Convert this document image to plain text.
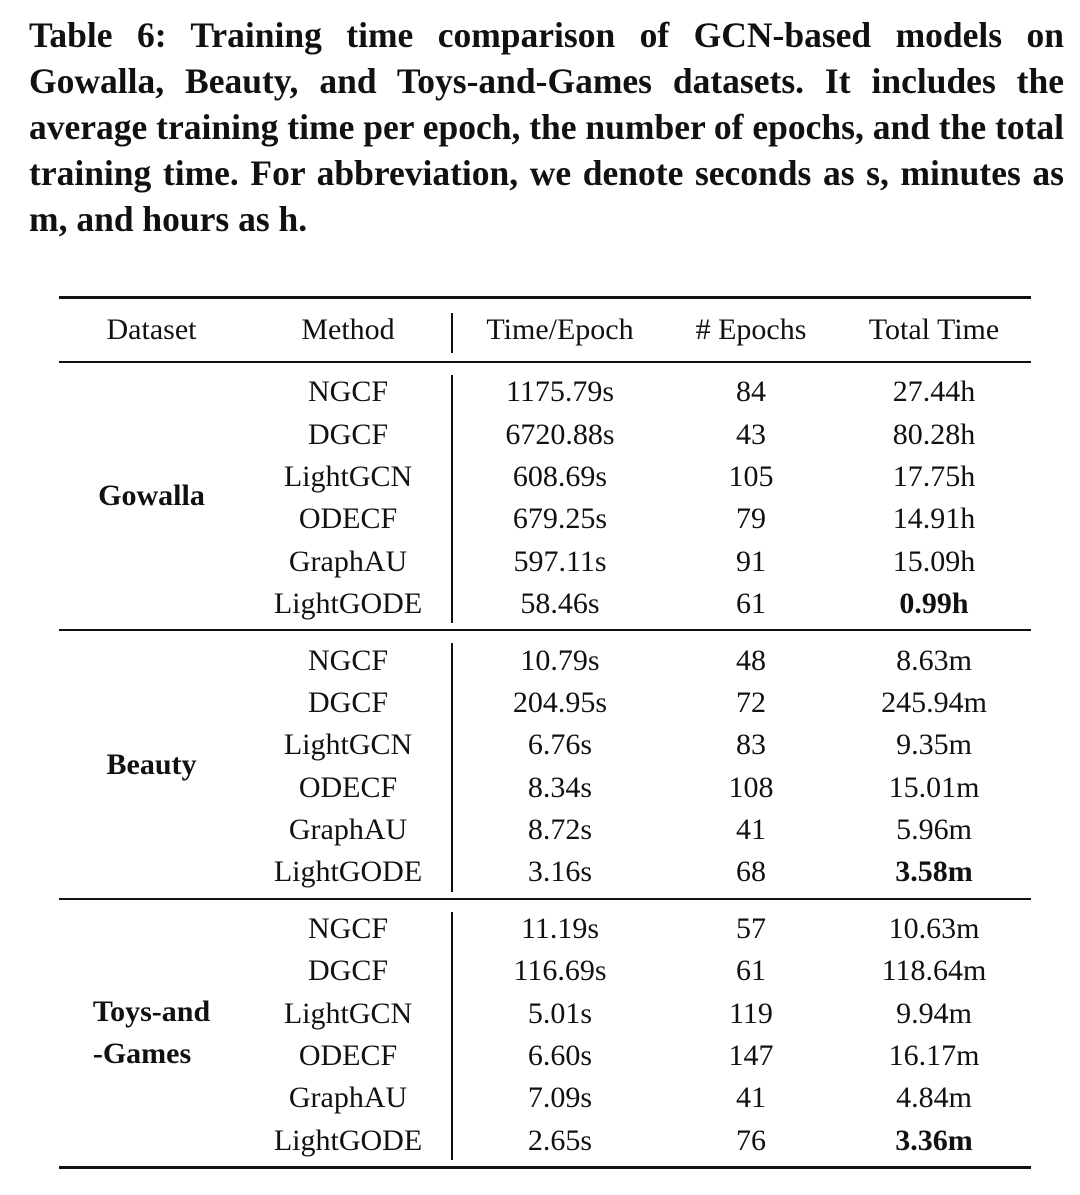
Table 6: Training time comparison of GCN-based models on Gowalla, Beauty, and Toys-and-Games datasets. It includes the average training time per epoch, the number of epochs, and the total training time. For abbreviation, we denote seconds as s, minutes as m, and hours as h.

Dataset	Method	Time/Epoch	# Epochs	Total Time
Gowalla
NGCF	1175.79s	84	27.44h
DGCF	6720.88s	43	80.28h
LightGCN	608.69s	105	17.75h
ODECF	679.25s	79	14.91h
GraphAU	597.11s	91	15.09h
LightGODE	58.46s	61	0.99h
Beauty
NGCF	10.79s	48	8.63m
DGCF	204.95s	72	245.94m
LightGCN	6.76s	83	9.35m
ODECF	8.34s	108	15.01m
GraphAU	8.72s	41	5.96m
LightGODE	3.16s	68	3.58m
Toys-and
-Games
NGCF	11.19s	57	10.63m
DGCF	116.69s	61	118.64m
LightGCN	5.01s	119	9.94m
ODECF	6.60s	147	16.17m
GraphAU	7.09s	41	4.84m
LightGODE	2.65s	76	3.36m
